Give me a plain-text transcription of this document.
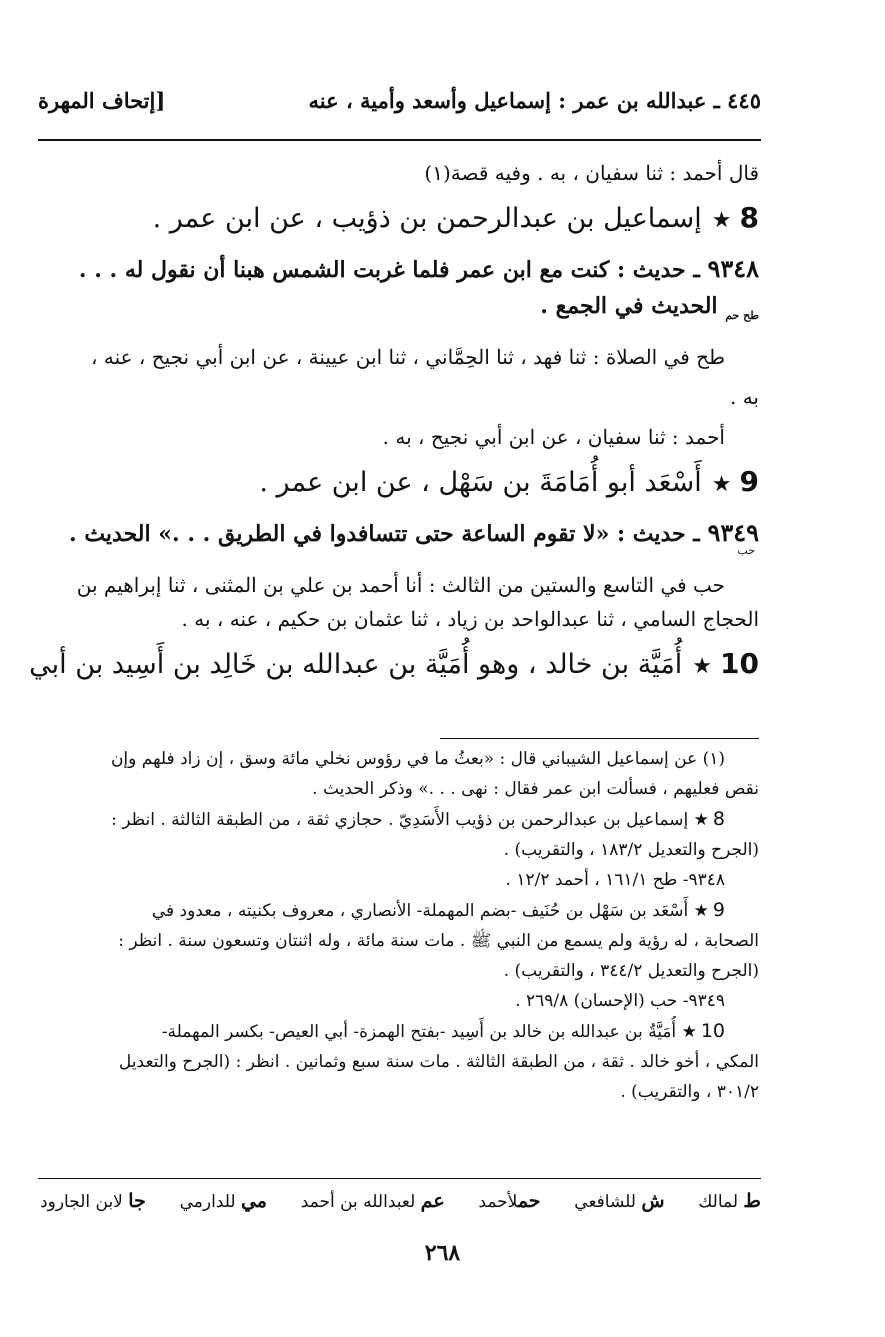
٤٤٥ ـ عبدالله بن عمر : إسماعيل وأسعد وأمية ، عنه
[إتحاف المهرة
قال أحمد : ثنا سفيان ، به . وفيه قصة(١)
8★إسماعيل بن عبدالرحمن بن ذؤيب ، عن ابن عمر .
٩٣٤٨ ـ حديث : كنت مع ابن عمر فلما غربت الشمس هبنا أن نقول له . . .
$_{طح حم}$ الحديث في الجمع .
طح في الصلاة : ثنا فهد ، ثنا الحِمَّاني ، ثنا ابن عيينة ، عن ابن أبي نجيح ، عنه ،
به .
أحمد : ثنا سفيان ، عن ابن أبي نجيح ، به .
9★أَسْعَد أبو أُمَامَةَ بن سَهْل ، عن ابن عمر .
٩٣٤٩ ـ حديث : «لا تقوم الساعة حتى تتسافدوا في الطريق . . .» الحديث .
حب
حب في التاسع والستين من الثالث : أنا أحمد بن علي بن المثنى ، ثنا إبراهيم بن
الحجاج السامي ، ثنا عبدالواحد بن زياد ، ثنا عثمان بن حكيم ، عنه ، به .
10★أُمَيَّة بن خالد ، وهو أُمَيَّة بن عبدالله بن خَالِد بن أَسِيد بن أبي
(١) عن إسماعيل الشيباني قال : «بعثُ ما في رؤوس نخلي مائة وسق ، إن زاد فلهم وإن
نقص فعليهم ، فسألت ابن عمر فقال : نهى . . .» وذكر الحديث .
8★ إسماعيل بن عبدالرحمن بن ذؤيب الأَسَدِيّ . حجازي ثقة ، من الطبقة الثالثة . انظر :
(الجرح والتعديل ١٨٣/٢ ، والتقريب) .
٩٣٤٨- طح ١٦١/١ ، أحمد ١٢/٢ .
9★ أَسْعَد بن سَهْل بن حُنَيف -بضم المهملة- الأنصاري ، معروف بكنيته ، معدود في
الصحابة ، له رؤية ولم يسمع من النبي ﷺ . مات سنة مائة ، وله اثنتان وتسعون سنة . انظر :
(الجرح والتعديل ٣٤٤/٢ ، والتقريب) .
٩٣٤٩- حب (الإحسان) ٢٦٩/٨ .
10★ أُمَيَّةُ بن عبدالله بن خالد بن أَسِيد -بفتح الهمزة- أبي العيص- بكسر المهملة-
المكي ، أخو خالد . ثقة ، من الطبقة الثالثة . مات سنة سبع وثمانين . انظر : (الجرح والتعديل
٣٠١/٢ ، والتقريب) .
ط لمالك
ش للشافعي
حملأحمد
عم لعبدالله بن أحمد
مي للدارمي
جا لابن الجارود
٢٦٨
